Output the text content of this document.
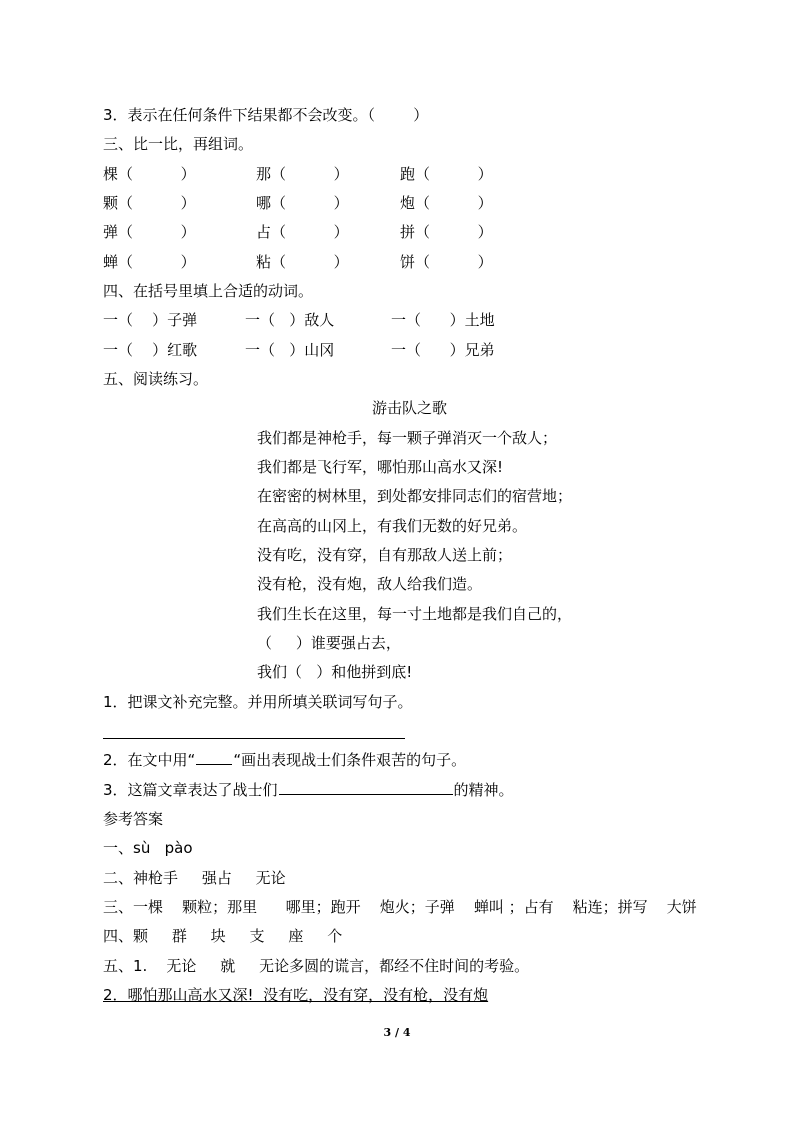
3．表示在任何条件下结果都不会改变。（        ）
三、比一比，再组词。
棵（          ）	那（          ）	跑（          ）
颗（          ）	哪（          ）	炮（          ）
弹（          ）	占（          ）	拼（          ）
蝉（          ）	粘（          ）	饼（          ）
四、在括号里填上合适的动词。
一（    ）子弹	一（   ）敌人	一（      ）土地
一（    ）红歌	一（   ）山冈	一（      ）兄弟
五、阅读练习。
游击队之歌
我们都是神枪手，每一颗子弹消灭一个敌人；
我们都是飞行军，哪怕那山高水又深!
在密密的树林里，到处都安排同志们的宿营地；
在高高的山冈上，有我们无数的好兄弟。
没有吃，没有穿，自有那敌人送上前；
没有枪，没有炮，敌人给我们造。
我们生长在这里，每一寸土地都是我们自己的，
（     ）谁要强占去，
我们（   ）和他拼到底!
1．把课文补充完整。并用所填关联词写句子。
2．在文中用“	“画出表现战士们条件艰苦的句子。
3．这篇文章表达了战士们	的精神。
参考答案
一、sù   pào
二、神枪手     强占     无论
三、一棵    颗粒；那里      哪里；跑开    炮火；子弹    蝉叫 ；占有    粘连；拼写    大饼
四、颗     群     块     支     座     个
五、1.    无论     就     无论多圆的谎言，都经不住时间的考验。
2．哪怕那山高水又深!  没有吃，没有穿，没有枪，没有炮
3 / 4
